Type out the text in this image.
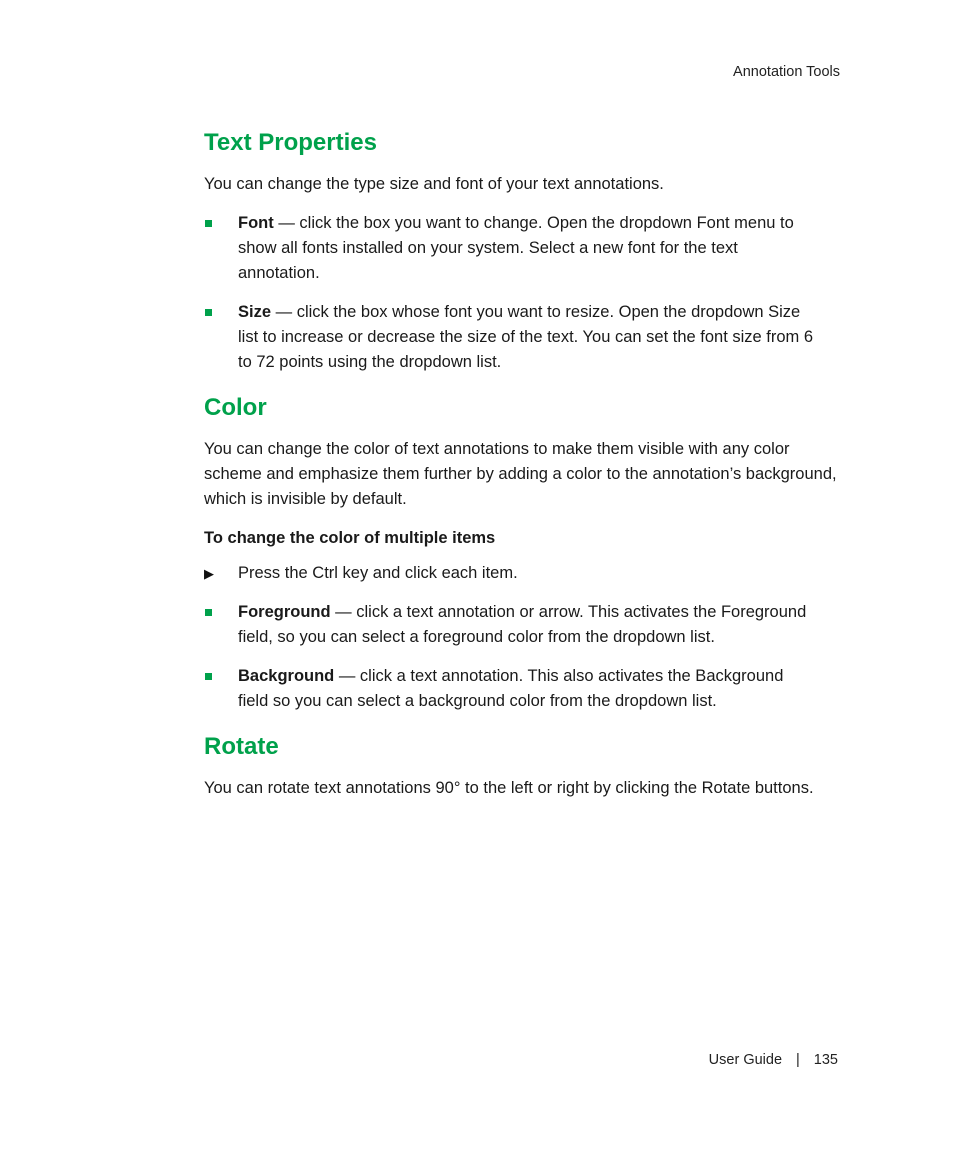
Annotation Tools
Text Properties

You can change the type size and font of your text annotations.

Font — click the box you want to change. Open the dropdown Font menu to show all fonts installed on your system. Select a new font for the text annotation.
Size — click the box whose font you want to resize. Open the dropdown Size list to increase or decrease the size of the text. You can set the font size from 6 to 72 points using the dropdown list.
Color

You can change the color of text annotations to make them visible with any color scheme and emphasize them further by adding a color to the annotation’s background, which is invisible by default.

To change the color of multiple items
▶ Press the Ctrl key and click each item.
Foreground — click a text annotation or arrow. This activates the Foreground field, so you can select a foreground color from the dropdown list.
Background — click a text annotation. This also activates the Background field so you can select a background color from the dropdown list.
Rotate

You can rotate text annotations 90° to the left or right by clicking the Rotate buttons.

User Guide | 135
